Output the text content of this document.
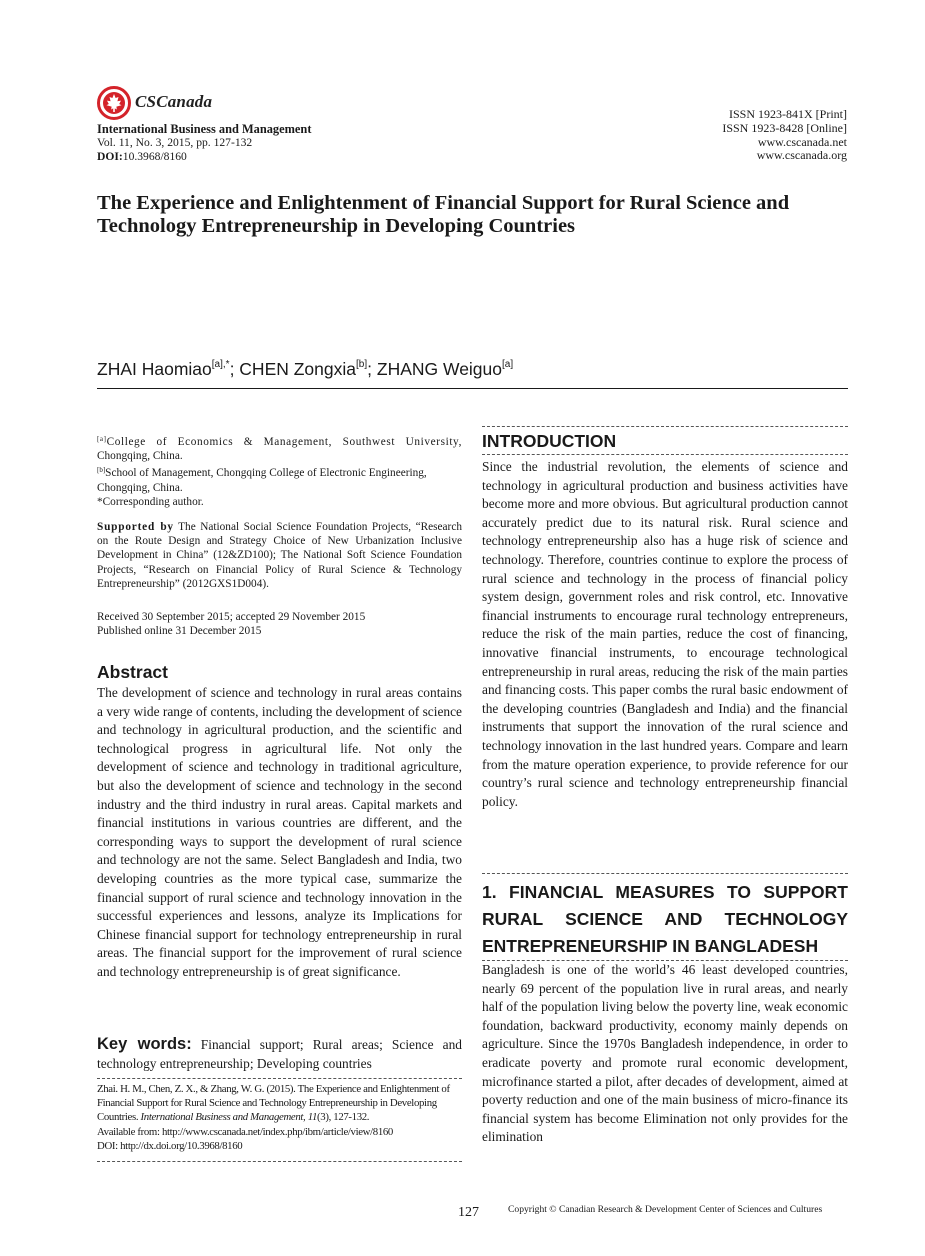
CSCanada
International Business and Management
Vol. 11, No. 3, 2015, pp. 127-132
DOI:10.3968/8160
ISSN 1923-841X [Print]
ISSN 1923-8428 [Online]
www.cscanada.net
www.cscanada.org
The Experience and Enlightenment of Financial Support for Rural Science and Technology Entrepreneurship in Developing Countries
ZHAI Haomiao$^{[a],*}$; CHEN Zongxia[b]; ZHANG Weiguo[a]
[a]College of Economics & Management, Southwest University,
Chongqing, China.
[b]School of Management, Chongqing College of Electronic Engineering,
Chongqing, China.
*Corresponding author.
Supported by The National Social Science Foundation Projects, “Research on the Route Design and Strategy Choice of New Urbanization Inclusive Development in China” (12&ZD100); The National Soft Science Foundation Projects, “Research on Financial Policy of Rural Science & Technology Entrepreneurship” (2012GXS1D004).
Received 30 September 2015; accepted 29 November 2015
Published online 31 December 2015
Abstract
The development of science and technology in rural areas contains a very wide range of contents, including the development of science and technology in agricultural production, and the scientific and technological progress in agricultural life. Not only the development of science and technology in traditional agriculture, but also the development of science and technology in the second industry and the third industry in rural areas. Capital markets and financial institutions in various countries are different, and the corresponding ways to support the development of rural science and technology are not the same. Select Bangladesh and India, two developing countries as the more typical case, summarize the financial support of rural science and technology innovation in the successful experiences and lessons, analyze its Implications for Chinese financial support for technology entrepreneurship in rural areas. The financial support for the improvement of rural science and technology entrepreneurship is of great significance.
Key words: Financial support; Rural areas; Science and technology entrepreneurship; Developing countries
Zhai. H. M., Chen, Z. X., & Zhang, W. G. (2015). The Experience and Enlightenment of Financial Support for Rural Science and Technology Entrepreneurship in Developing Countries. International Business and Management, 11(3), 127-132.
Available from: http://www.cscanada.net/index.php/ibm/article/view/8160
DOI: http://dx.doi.org/10.3968/8160
INTRODUCTION
Since the industrial revolution, the elements of science and technology in agricultural production and business activities have become more and more obvious. But agricultural production cannot accurately predict due to its natural risk. Rural science and technology entrepreneurship also has a huge risk of science and technology. Therefore, countries continue to explore the process of rural science and technology in the process of financial policy system design, government roles and risk control, etc. Innovative financial instruments to encourage rural technology entrepreneurs, reduce the risk of the main parties, reduce the cost of financing, innovative financial instruments, to encourage technological entrepreneurship in rural areas, reducing the risk of the main parties and financing costs. This paper combs the rural basic endowment of the developing countries (Bangladesh and India) and the financial instruments that support the innovation of the rural science and technology innovation in the last hundred years. Compare and learn from the mature operation experience, to provide reference for our country’s rural science and technology entrepreneurship financial policy.
1. FINANCIAL MEASURES TO SUPPORT
RURAL SCIENCE AND TECHNOLOGY
ENTREPRENEURSHIP IN BANGLADESH
Bangladesh is one of the world’s 46 least developed countries, nearly 69 percent of the population live in rural areas, and nearly half of the population living below the poverty line, weak economic foundation, backward productivity, economy mainly depends on agriculture. Since the 1970s Bangladesh independence, in order to eradicate poverty and promote rural economic development, microfinance started a pilot, after decades of development, aimed at poverty reduction and one of the main business of micro-finance its financial system has become Elimination not only provides for the elimination
127	Copyright © Canadian Research & Development Center of Sciences and Cultures
